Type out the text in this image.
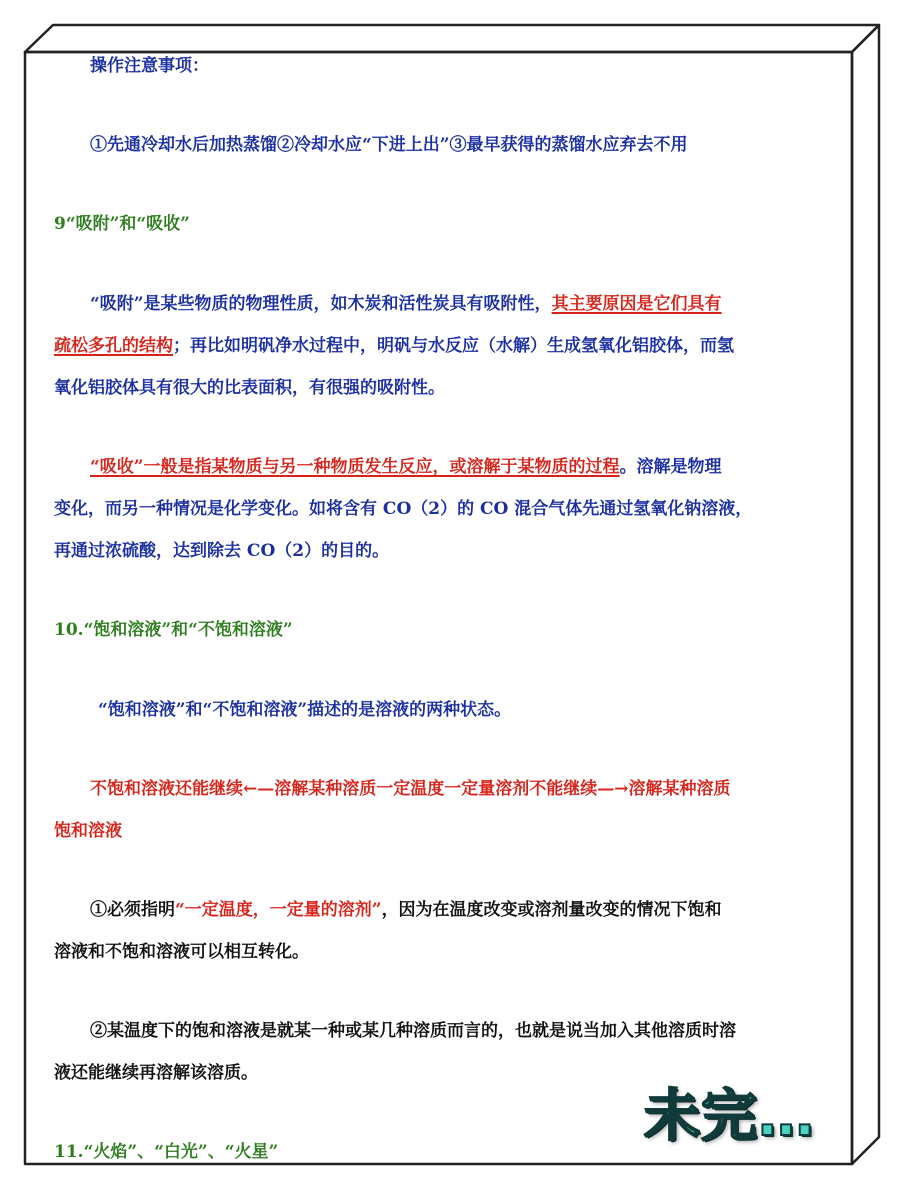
操作注意事项：
①先通冷却水后加热蒸馏②冷却水应“下进上出”③最早获得的蒸馏水应弃去不用
9“吸附”和“吸收”
“吸附”是某些物质的物理性质，如木炭和活性炭具有吸附性，其主要原因是它们具有
疏松多孔的结构；再比如明矾净水过程中，明矾与水反应（水解）生成氢氧化铝胶体，而氢
氧化铝胶体具有很大的比表面积，有很强的吸附性。
“吸收”一般是指某物质与另一种物质发生反应，或溶解于某物质的过程。溶解是物理
变化，而另一种情况是化学变化。如将含有 CO（2）的 CO 混合气体先通过氢氧化钠溶液，
再通过浓硫酸，达到除去 CO（2）的目的。
10.“饱和溶液”和“不饱和溶液”
“饱和溶液”和“不饱和溶液”描述的是溶液的两种状态。
不饱和溶液还能继续←—溶解某种溶质一定温度一定量溶剂不能继续—→溶解某种溶质
饱和溶液
①必须指明“一定温度，一定量的溶剂”，因为在温度改变或溶剂量改变的情况下饱和
溶液和不饱和溶液可以相互转化。
②某温度下的饱和溶液是就某一种或某几种溶质而言的，也就是说当加入其他溶质时溶
液还能继续再溶解该溶质。
11.“火焰”、“白光”、“火星”
未完…
